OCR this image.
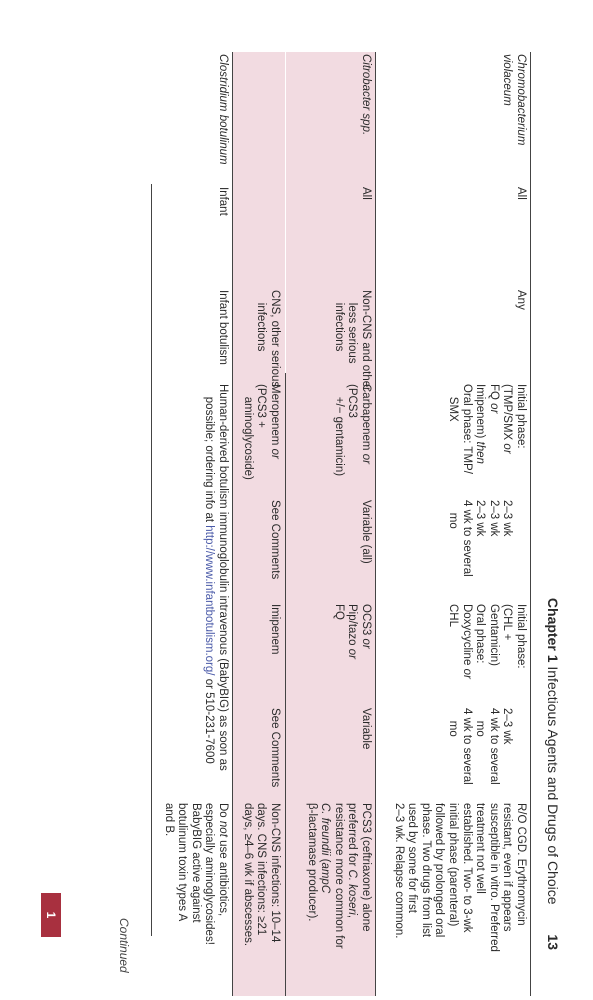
Chapter 1 Infectious Agents and Drugs of Choice 13
1
Chromobacterium violaceum
All
Any
Initial phase:
(TMP/SMX or
FQ or
Imipenem) then
Oral phase: TMP/
SMX

2–3 wk
2–3 wk
2–3 wk
4 wk to several
mo
Initial phase:
(CHL +
Gentamicin)
Oral phase:
Doxycycline or
CHL

2–3 wk
4 wk to several
mo
4 wk to several
mo
R/O CGD. Erythromycin
resistant, even if appears
susceptible in vitro. Preferred
treatment not well
established. Two- to 3-wk
initial phase (parenteral)
followed by prolonged oral
phase. Two drugs from list
used by some for first
2–3 wk. Relapse common.
Citrobacter spp.
All
Non-CNS and other
less serious
infections
Carbapenem or
(PCS3
+/− gentamicin)
Variable (all)
OCS3 or
Pip/tazo or
FQ
Variable
PCS3 (ceftriaxone) alone
preferred for C. koseri,
resistance more common for
C. freundii (ampC
β-lactamase producer).
CNS, other serious
infections
Meropenem or
(PCS3 +
aminoglycoside)
See Comments
Imipenem
See Comments
Non-CNS infections: 10–14
days. CNS infections: ≥21
days, ≥4–6 wk if abscesses.
Clostridium botulinum
Infant
Infant botulism
Human-derived botulism immunoglobulin intravenous (BabyBIG) as soon as
possible; ordering info at http://www.infantbotulism.org/ or 510-231-7600
Do not use antibiotics,
especially aminoglycosides!
BabyBIG active against
botulinum toxin types A
and B.
Continued
